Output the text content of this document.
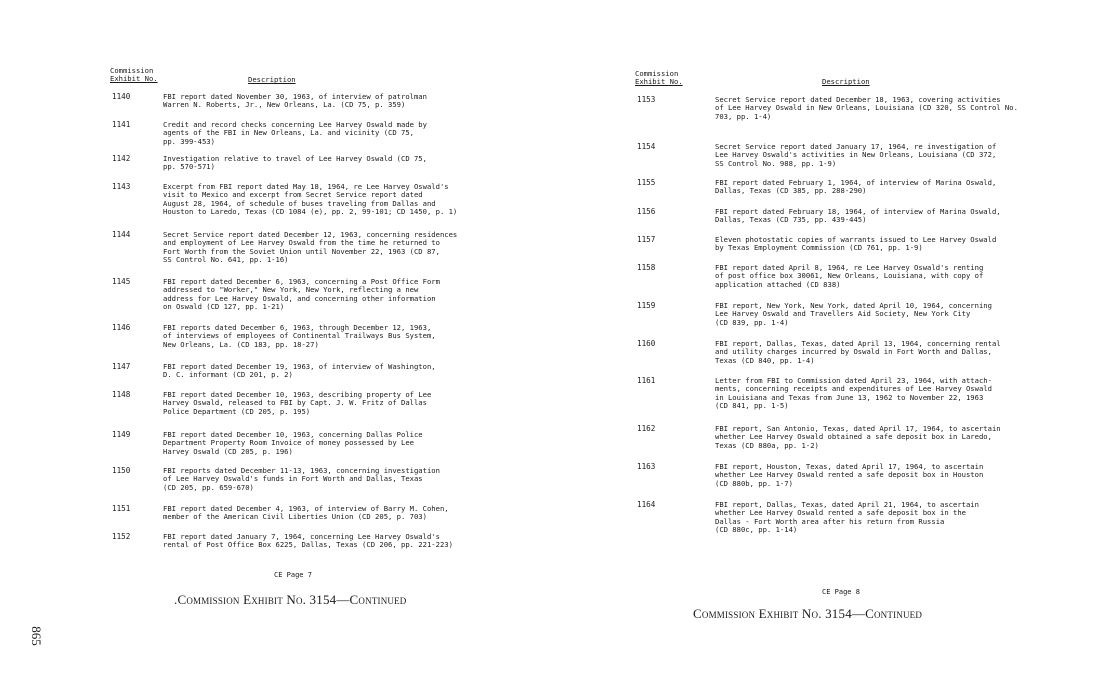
Commission
Exhibit No.	Description
1140	FBI report dated November 30, 1963, of interview of patrolman
Warren N. Roberts, Jr., New Orleans, La. (CD 75, p. 359)
1141	Credit and record checks concerning Lee Harvey Oswald made by
agents of the FBI in New Orleans, La. and vicinity (CD 75,
pp. 399-453)
1142	Investigation relative to travel of Lee Harvey Oswald (CD 75,
pp. 570-571)
1143	Excerpt from FBI report dated May 18, 1964, re Lee Harvey Oswald's
visit to Mexico and excerpt from Secret Service report dated
August 28, 1964, of schedule of buses traveling from Dallas and
Houston to Laredo, Texas (CD 1084 (e), pp. 2, 99-101; CD 1450, p. 1)
1144	Secret Service report dated December 12, 1963, concerning residences
and employment of Lee Harvey Oswald from the time he returned to
Fort Worth from the Soviet Union until November 22, 1963 (CD 87,
SS Control No. 641, pp. 1-16)
1145	FBI report dated December 6, 1963, concerning a Post Office Form
addressed to "Worker," New York, New York, reflecting a new
address for Lee Harvey Oswald, and concerning other information
on Oswald (CD 127, pp. 1-21)
1146	FBI reports dated December 6, 1963, through December 12, 1963,
of interviews of employees of Continental Trailways Bus System,
New Orleans, La. (CD 183, pp. 18-27)
1147	FBI report dated December 19, 1963, of interview of Washington,
D. C. informant (CD 201, p. 2)
1148	FBI report dated December 10, 1963, describing property of Lee
Harvey Oswald, released to FBI by Capt. J. W. Fritz of Dallas
Police Department (CD 205, p. 195)
1149	FBI report dated December 10, 1963, concerning Dallas Police
Department Property Room Invoice of money possessed by Lee
Harvey Oswald (CD 205, p. 196)
1150	FBI reports dated December 11-13, 1963, concerning investigation
of Lee Harvey Oswald's funds in Fort Worth and Dallas, Texas
(CD 205, pp. 659-670)
1151	FBI report dated December 4, 1963, of interview of Barry M. Cohen,
member of the American Civil Liberties Union (CD 205, p. 703)
1152	FBI report dated January 7, 1964, concerning Lee Harvey Oswald's
rental of Post Office Box 6225, Dallas, Texas (CD 206, pp. 221-223)
CE Page 7
.Commission Exhibit No. 3154—Continued
Commission
Exhibit No.	Description
1153	Secret Service report dated December 18, 1963, covering activities
of Lee Harvey Oswald in New Orleans, Louisiana (CD 320, SS Control No.
703, pp. 1-4)
1154	Secret Service report dated January 17, 1964, re investigation of
Lee Harvey Oswald's activities in New Orleans, Louisiana (CD 372,
SS Control No. 988, pp. 1-9)
1155	FBI report dated February 1, 1964, of interview of Marina Oswald,
Dallas, Texas (CD 385, pp. 288-290)
1156	FBI report dated February 18, 1964, of interview of Marina Oswald,
Dallas, Texas (CD 735, pp. 439-445)
1157	Eleven photostatic copies of warrants issued to Lee Harvey Oswald
by Texas Employment Commission (CD 761, pp. 1-9)
1158	FBI report dated April 8, 1964, re Lee Harvey Oswald's renting
of post office box 30061, New Orleans, Louisiana, with copy of
application attached (CD 838)
1159	FBI report, New York, New York, dated April 10, 1964, concerning
Lee Harvey Oswald and Travellers Aid Society, New York City
(CD 839, pp. 1-4)
1160	FBI report, Dallas, Texas, dated April 13, 1964, concerning rental
and utility charges incurred by Oswald in Fort Worth and Dallas,
Texas (CD 840, pp. 1-4)
1161	Letter from FBI to Commission dated April 23, 1964, with attach-
ments, concerning receipts and expenditures of Lee Harvey Oswald
in Louisiana and Texas from June 13, 1962 to November 22, 1963
(CD 841, pp. 1-5)
1162	FBI report, San Antonio, Texas, dated April 17, 1964, to ascertain
whether Lee Harvey Oswald obtained a safe deposit box in Laredo,
Texas (CD 880a, pp. 1-2)
1163	FBI report, Houston, Texas, dated April 17, 1964, to ascertain
whether Lee Harvey Oswald rented a safe deposit box in Houston
(CD 880b, pp. 1-7)
1164	FBI report, Dallas, Texas, dated April 21, 1964, to ascertain
whether Lee Harvey Oswald rented a safe deposit box in the
Dallas - Fort Worth area after his return from Russia
(CD 880c, pp. 1-14)
CE Page 8
Commission Exhibit No. 3154—Continued
865
